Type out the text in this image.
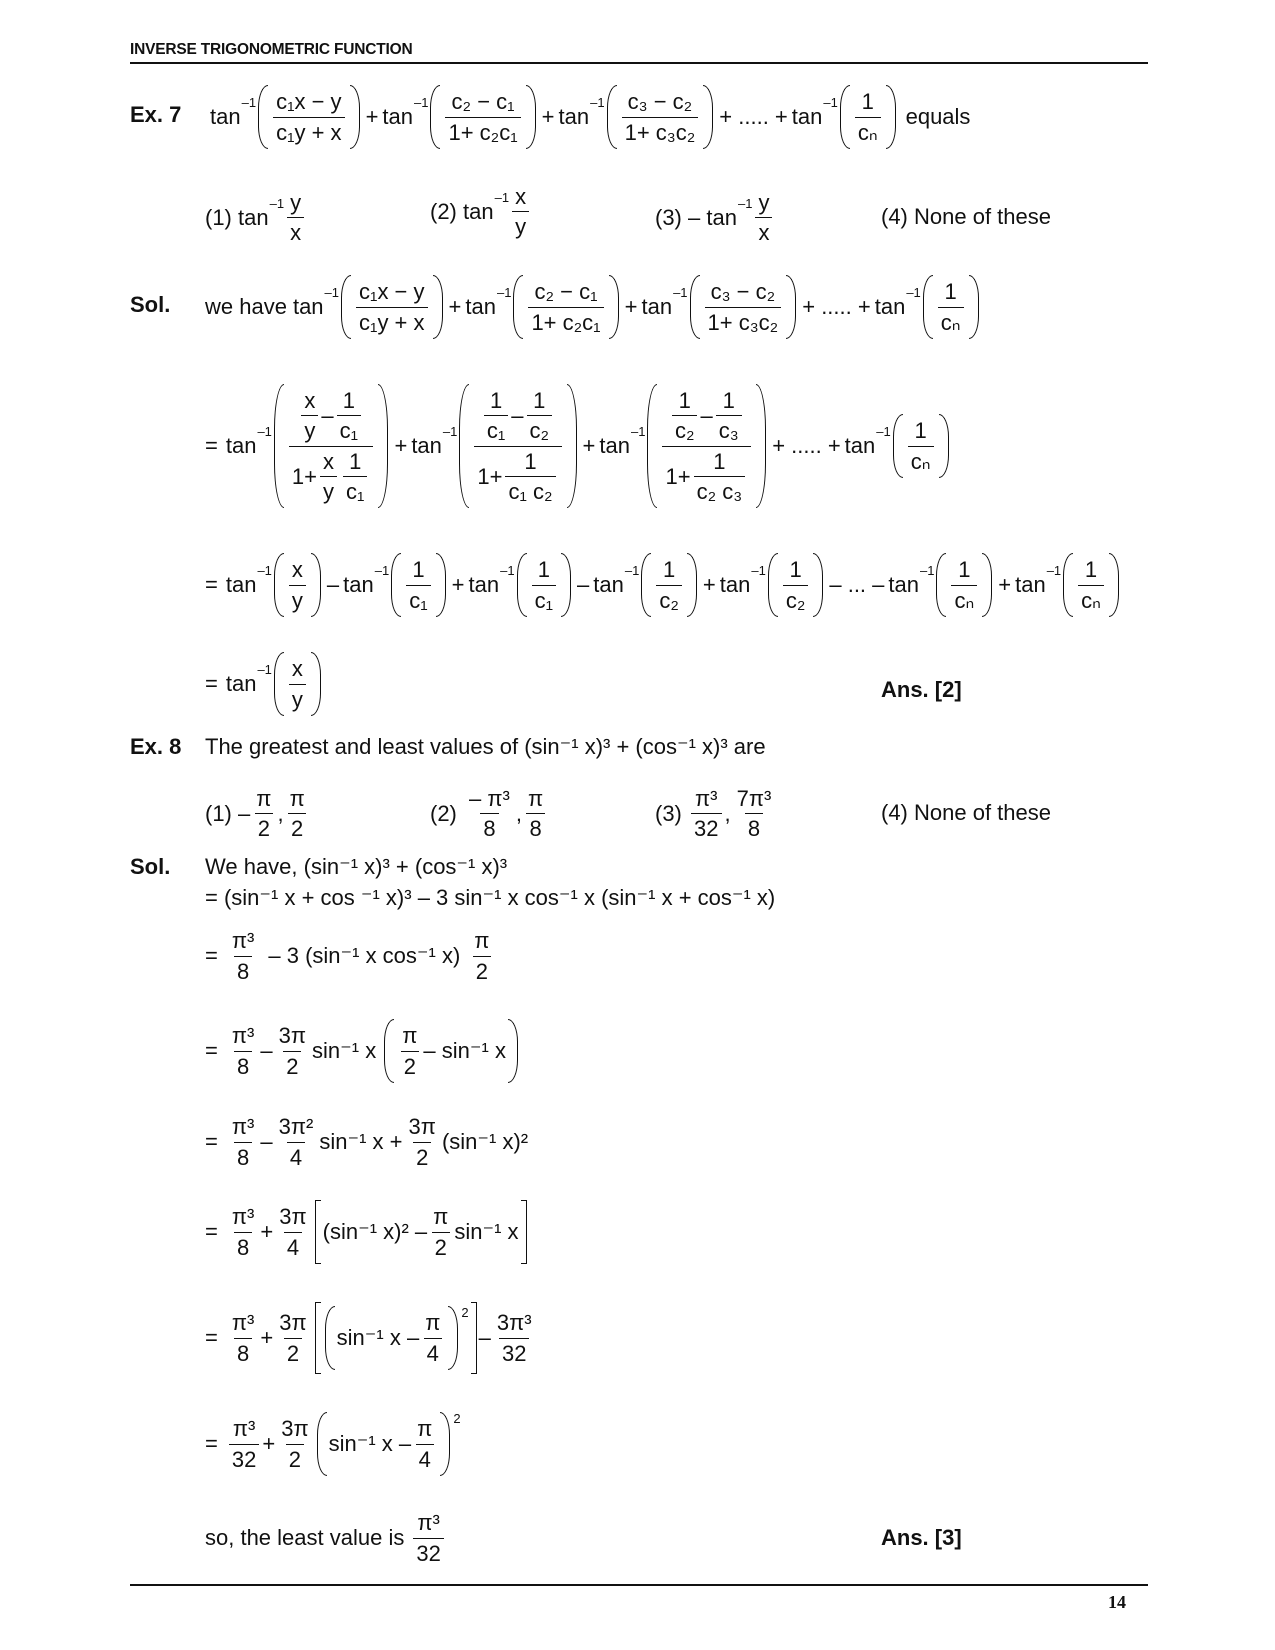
INVERSE TRIGONOMETRIC FUNCTION
Ex. 7 tan
$^{-1} \frac{\text{c₁x − y}}{\text{c₁y + x}} + \tan$
$^{-1} \frac{\text{c₂ − c₁}}{\text{1+ c₂c₁}} + \tan$
$^{-1} \frac{\text{c₃ − c₂}}{\text{1+ c₃c₂}}$ + ..... + tan
$^{-1} \frac{1}{\text{cₙ}}$ equals
(1)
tan
$^{-1} \frac{y}{x}$	(2)
tan
$^{-1} \frac{x}{y}$	(3) –
tan
$^{-1} \frac{y}{x}$	(4) None of these
Sol. we have tan
$^{-1} \frac{\text{c₁x − y}}{\text{c₁y + x}} + \tan$
$^{-1} \frac{\text{c₂ − c₁}}{\text{1+ c₂c₁}} + \tan$
$^{-1} \frac{\text{c₃ − c₂}}{\text{1+ c₃c₂}}$ + ..... + tan
$^{-1} \frac{1}{\text{cₙ}}$
= tan
$^{-1} \frac{\frac{x}{y} - \frac{1}{\text{c₁}}}{1+ \frac{x}{y} \frac{1}{\text{c₁}}} + \tan$
$^{-1} \frac{\frac{1}{\text{c₁}} - \frac{1}{\text{c₂}}}{1+ \frac{1}{\text{c₁ c₂}}} + \tan$
$^{-1} \frac{\frac{1}{\text{c₂}} - \frac{1}{\text{c₃}}}{1+ \frac{1}{\text{c₂ c₃}}}$ + ..... + tan
$^{-1} \frac{1}{\text{cₙ}}$
= tan
$^{-1} \frac{x}{y}$ – tan
$^{-1} \frac{1}{\text{c₁}} + \tan$
$^{-1} \frac{1}{\text{c₁}}$ – tan
$^{-1} \frac{1}{\text{c₂}} + \tan$
$^{-1} \frac{1}{\text{c₂}}$ – ... – tan
$^{-1} \frac{1}{\text{cₙ}} + \tan$
$^{-1} \frac{1}{\text{cₙ}}$
= tan
$^{-1} \frac{x}{y}$	Ans. [2]
Ex. 8 The greatest and least values of (sin⁻¹ x)³ + (cos⁻¹ x)³ are
(1)
– $\frac{\pi}{2}$ , $\frac{\pi}{2}$	(2)
$\frac{\text{– π³}}{8}$ , $\frac{\pi}{8}$	(3)
$\frac{\text{π³}}{32}$ , $\frac{\text{7π³}}{8}$	(4) None of these
Sol. We have, (sin⁻¹ x)³ + (cos⁻¹ x)³
= (sin⁻¹ x + cos ⁻¹ x)³ – 3 sin⁻¹ x cos⁻¹ x (sin⁻¹ x + cos⁻¹ x)
= $\frac{\text{π³}}{8} - 3$ (sin⁻¹ x cos⁻¹ $x) \frac{\pi}{2}$
= $\frac{\text{π³}}{8} - \frac{3\pi}{2} \sin^{-1}$ x $\frac{\pi}{2} - \sin^{-1}$ x
= $\frac{\text{π³}}{8} - \frac{\text{3π²}}{4} \sin^{-1}$ $x + \frac{3\pi}{2} (\sin^{-1}$ x)²
= $\frac{\text{π³}}{8} + \frac{3\pi}{4} (\sin^{-1}$ $x)^2 - \frac{\pi}{2} \sin^{-1}$ x
= $\frac{\text{π³}}{8} + \frac{3\pi}{2} \sin^{-1}$ x – $\frac{\pi}{4} 2$
– $\frac{\text{3π³}}{32}$
= $\frac{\text{π³}}{32} + \frac{3\pi}{2} \sin^{-1}$ x – $\frac{\pi}{4} 2$
so, the least value is $\frac{\text{π³}}{32}$	Ans. [3]
14
